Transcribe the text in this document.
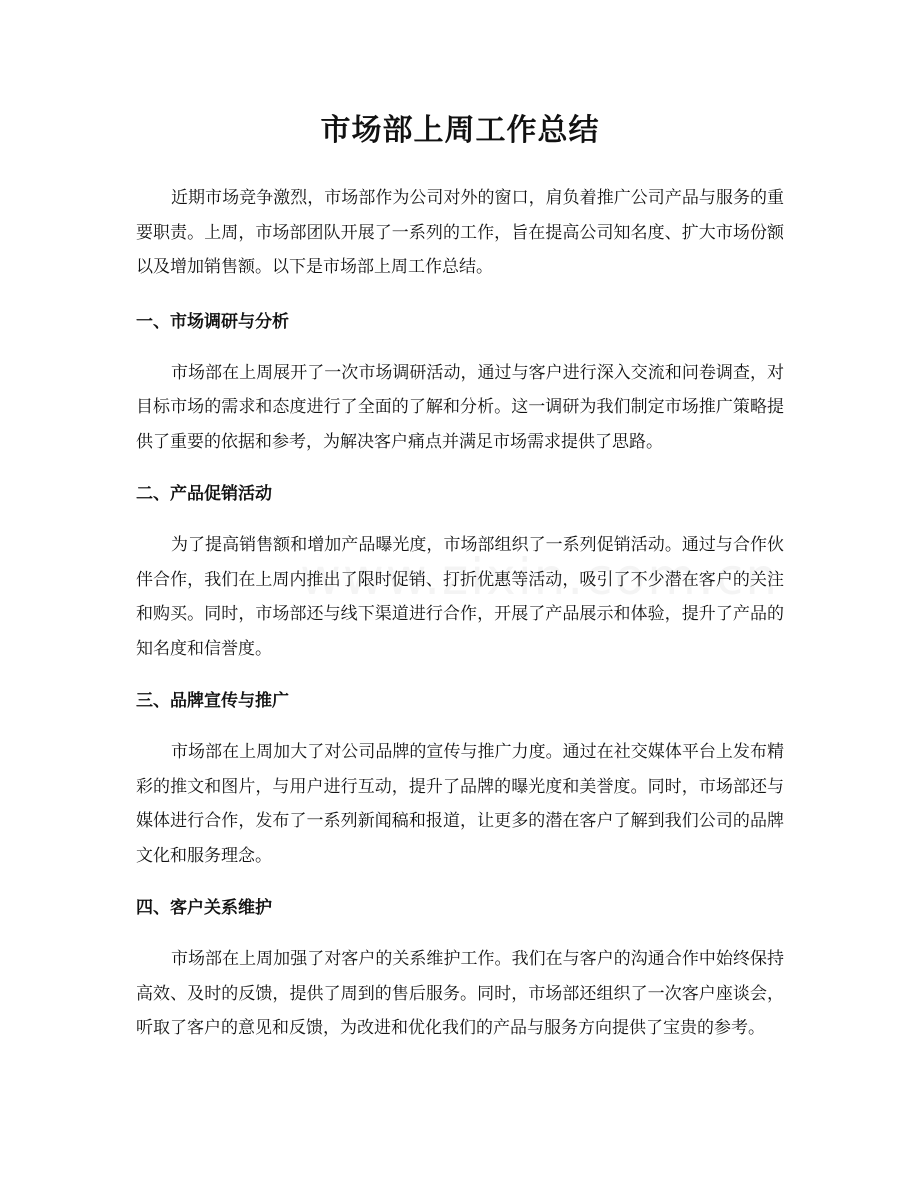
市场部上周工作总结

近期市场竞争激烈，市场部作为公司对外的窗口，肩负着推广公司产品与服务的重要职责。上周，市场部团队开展了一系列的工作，旨在提高公司知名度、扩大市场份额以及增加销售额。以下是市场部上周工作总结。

一、市场调研与分析

市场部在上周展开了一次市场调研活动，通过与客户进行深入交流和问卷调查，对目标市场的需求和态度进行了全面的了解和分析。这一调研为我们制定市场推广策略提供了重要的依据和参考，为解决客户痛点并满足市场需求提供了思路。

二、产品促销活动

为了提高销售额和增加产品曝光度，市场部组织了一系列促销活动。通过与合作伙伴合作，我们在上周内推出了限时促销、打折优惠等活动，吸引了不少潜在客户的关注和购买。同时，市场部还与线下渠道进行合作，开展了产品展示和体验，提升了产品的知名度和信誉度。

三、品牌宣传与推广

市场部在上周加大了对公司品牌的宣传与推广力度。通过在社交媒体平台上发布精彩的推文和图片，与用户进行互动，提升了品牌的曝光度和美誉度。同时，市场部还与媒体进行合作，发布了一系列新闻稿和报道，让更多的潜在客户了解到我们公司的品牌文化和服务理念。

四、客户关系维护

市场部在上周加强了对客户的关系维护工作。我们在与客户的沟通合作中始终保持高效、及时的反馈，提供了周到的售后服务。同时，市场部还组织了一次客户座谈会，听取了客户的意见和反馈，为改进和优化我们的产品与服务方向提供了宝贵的参考。
